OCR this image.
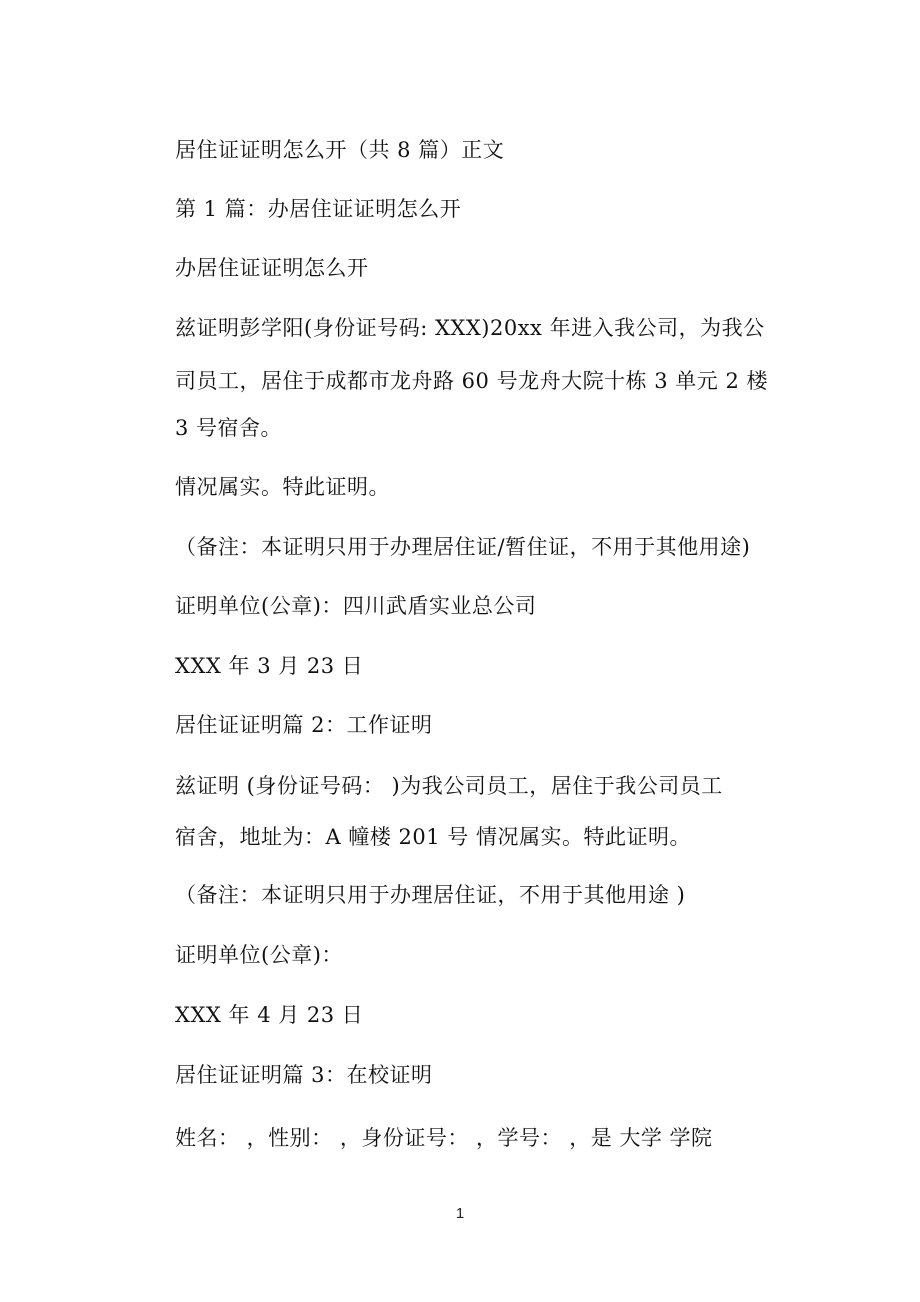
居住证证明怎么开（共 8 篇）正文
第 1 篇：办居住证证明怎么开
办居住证证明怎么开
兹证明彭学阳(身份证号码: XXX)20xx 年进入我公司，为我公
司员工，居住于成都市龙舟路 60 号龙舟大院十栋 3 单元 2 楼
3 号宿舍。
情况属实。特此证明。
（备注：本证明只用于办理居住证/暂住证，不用于其他用途)
证明单位(公章)：四川武盾实业总公司
XXX 年 3 月 23 日
居住证证明篇 2：工作证明
兹证明 (身份证号码： )为我公司员工，居住于我公司员工
宿舍，地址为：A 幢楼 201 号 情况属实。特此证明。
（备注：本证明只用于办理居住证，不用于其他用途 )
证明单位(公章)：
XXX 年 4 月 23 日
居住证证明篇 3：在校证明
姓名： ，性别： ，身份证号： ，学号： ，是 大学 学院
1
